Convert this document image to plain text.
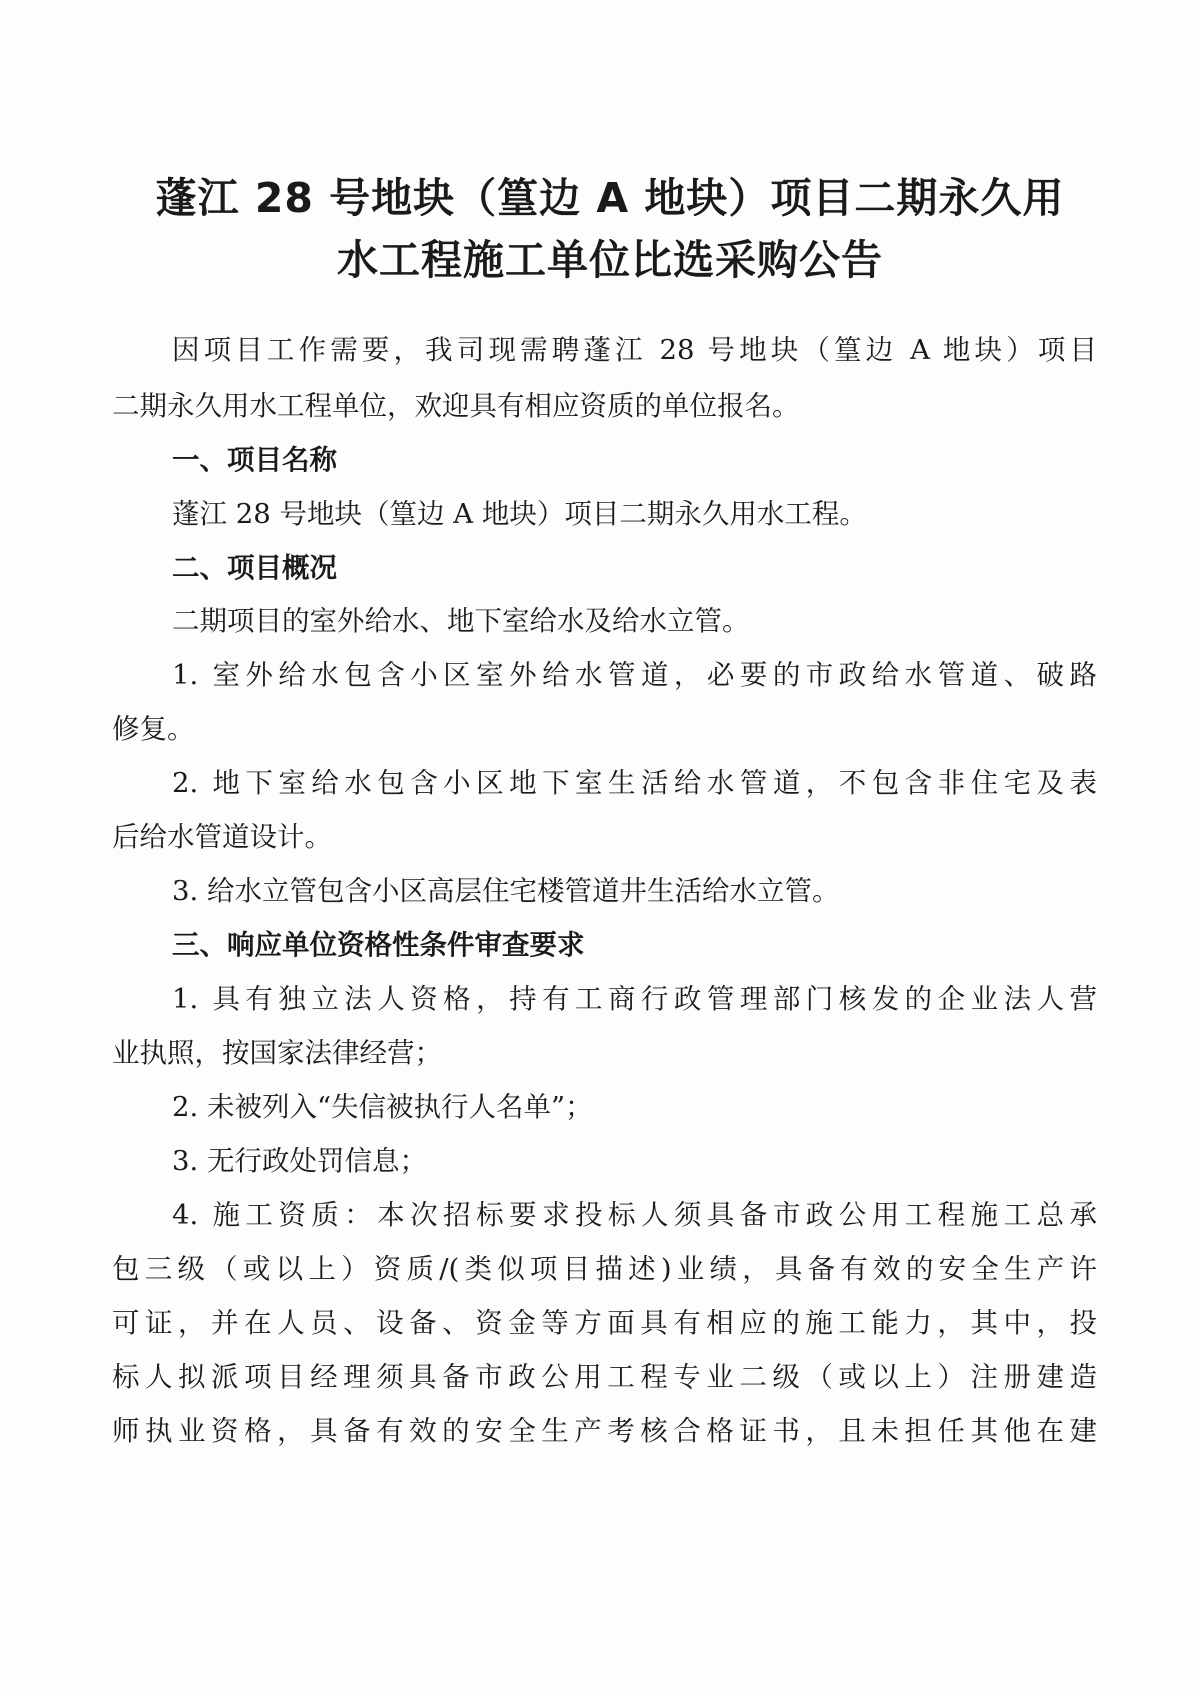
蓬江 28 号地块（篁边 A 地块）项目二期永久用
水工程施工单位比选采购公告

因项目工作需要，我司现需聘蓬江 28 号地块（篁边 A 地块）项目

二期永久用水工程单位，欢迎具有相应资质的单位报名。

一、项目名称

蓬江 28 号地块（篁边 A 地块）项目二期永久用水工程。

二、项目概况

二期项目的室外给水、地下室给水及给水立管。

1. 室外给水包含小区室外给水管道，必要的市政给水管道、破路

修复。

2. 地下室给水包含小区地下室生活给水管道，不包含非住宅及表

后给水管道设计。

3. 给水立管包含小区高层住宅楼管道井生活给水立管。

三、响应单位资格性条件审查要求

1. 具有独立法人资格，持有工商行政管理部门核发的企业法人营

业执照，按国家法律经营；

2. 未被列入“失信被执行人名单”；

3. 无行政处罚信息；

4. 施工资质：本次招标要求投标人须具备市政公用工程施工总承

包三级（或以上）资质/(类似项目描述)业绩，具备有效的安全生产许

可证，并在人员、设备、资金等方面具有相应的施工能力，其中，投

标人拟派项目经理须具备市政公用工程专业二级（或以上）注册建造

师执业资格，具备有效的安全生产考核合格证书，且未担任其他在建
